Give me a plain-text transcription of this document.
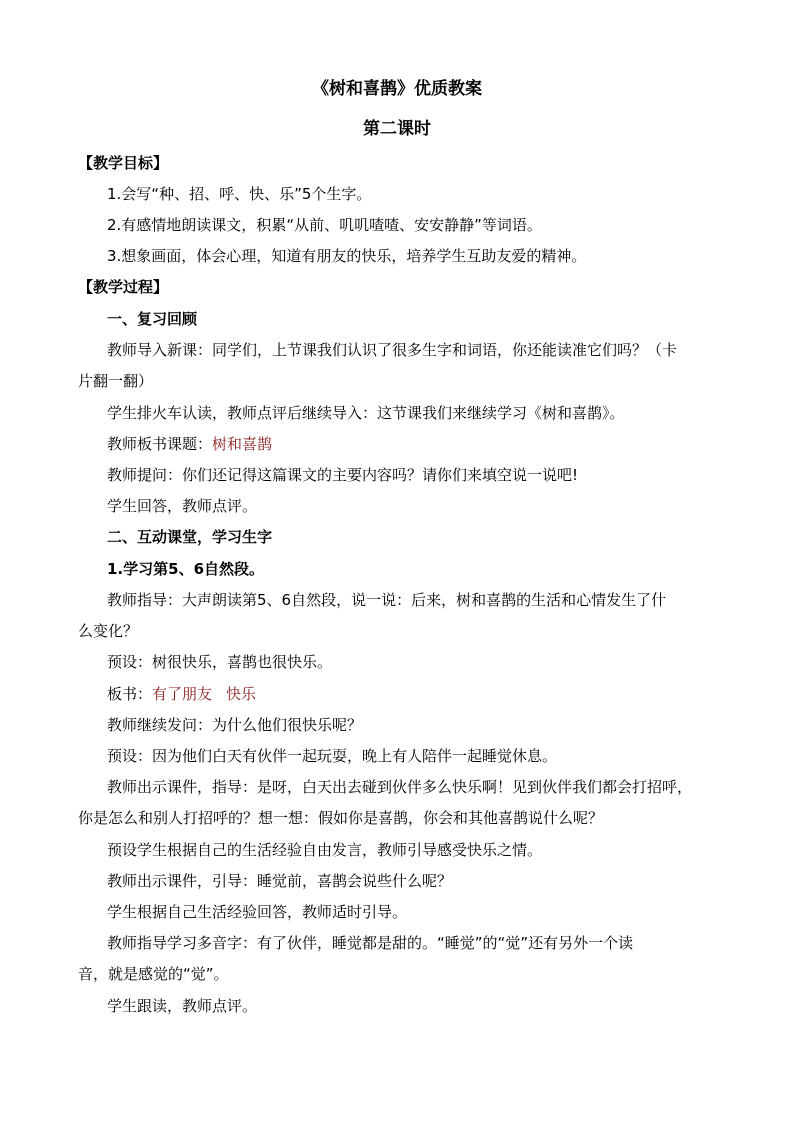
《树和喜鹊》优质教案
第二课时
【教学目标】
1.会写“种、招、呼、快、乐”5个生字。
2.有感情地朗读课文，积累“从前、叽叽喳喳、安安静静”等词语。
3.想象画面，体会心理，知道有朋友的快乐，培养学生互助友爱的精神。
【教学过程】
一、复习回顾
教师导入新课：同学们，上节课我们认识了很多生字和词语，你还能读准它们吗？（卡
片翻一翻）
学生排火车认读，教师点评后继续导入：这节课我们来继续学习《树和喜鹊》。
教师板书课题：树和喜鹊
教师提问：你们还记得这篇课文的主要内容吗？请你们来填空说一说吧!
学生回答，教师点评。
二、互动课堂，学习生字
1.学习第5、6自然段。
教师指导：大声朗读第5、6自然段，说一说：后来，树和喜鹊的生活和心情发生了什
么变化？
预设：树很快乐，喜鹊也很快乐。
板书：有了朋友 快乐
教师继续发问：为什么他们很快乐呢？
预设：因为他们白天有伙伴一起玩耍，晚上有人陪伴一起睡觉休息。
教师出示课件，指导：是呀，白天出去碰到伙伴多么快乐啊！见到伙伴我们都会打招呼，
你是怎么和别人打招呼的？想一想：假如你是喜鹊，你会和其他喜鹊说什么呢？
预设学生根据自己的生活经验自由发言，教师引导感受快乐之情。
教师出示课件，引导：睡觉前，喜鹊会说些什么呢？
学生根据自己生活经验回答，教师适时引导。
教师指导学习多音字：有了伙伴，睡觉都是甜的。“睡觉”的“觉”还有另外一个读
音，就是感觉的“觉”。
学生跟读，教师点评。
